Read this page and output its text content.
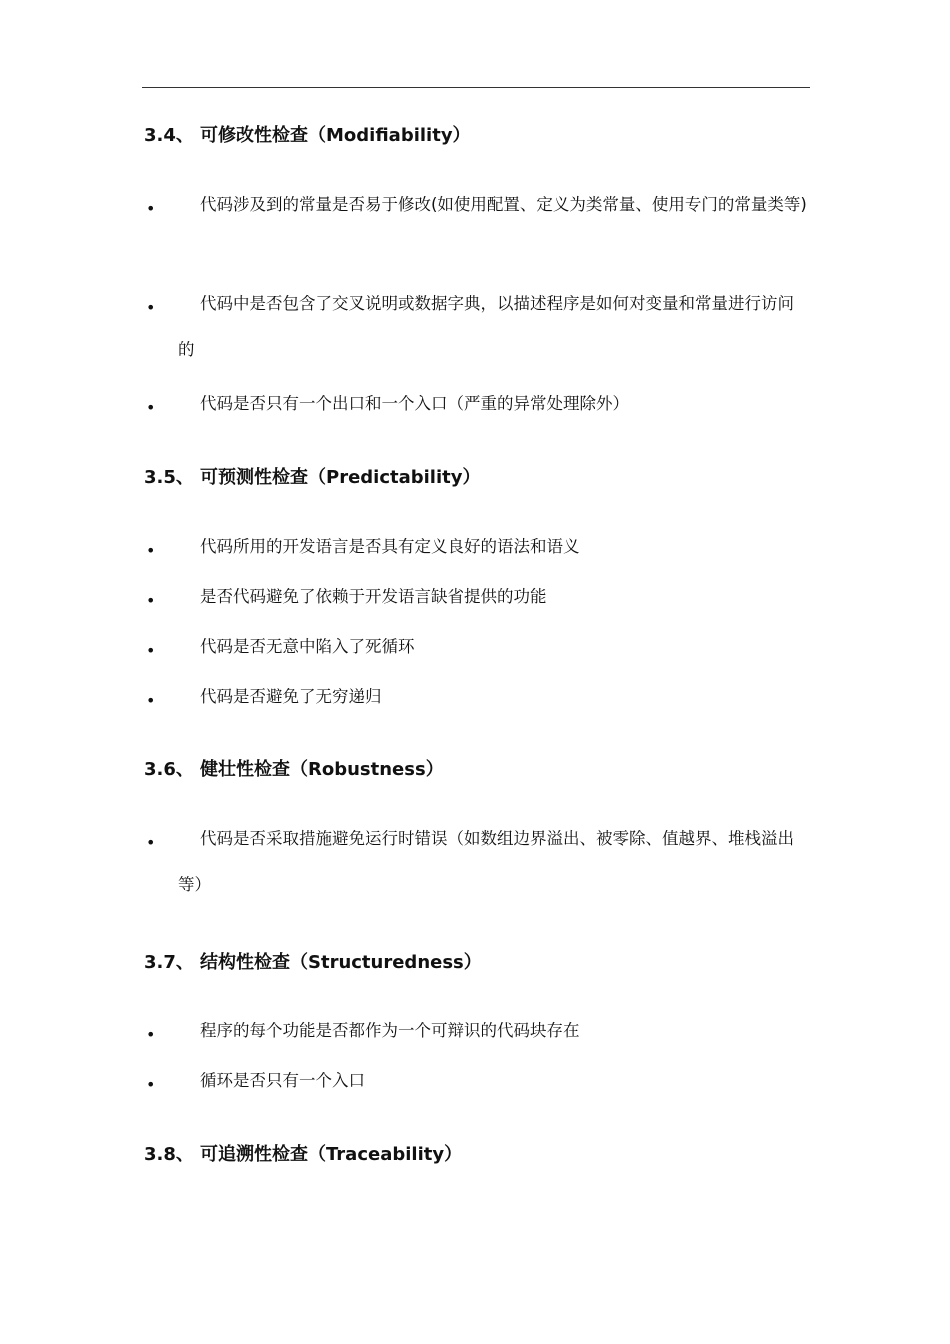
3.4、 可修改性检查（Modifiability）
•	代码涉及到的常量是否易于修改(如使用配置、定义为类常量、使用专门的常量类等)
•	代码中是否包含了交叉说明或数据字典，以描述程序是如何对变量和常量进行访问的
•	代码是否只有一个出口和一个入口（严重的异常处理除外）
3.5、 可预测性检查（Predictability）
•	代码所用的开发语言是否具有定义良好的语法和语义
•	是否代码避免了依赖于开发语言缺省提供的功能
•	代码是否无意中陷入了死循环
•	代码是否避免了无穷递归
3.6、 健壮性检查（Robustness）
•	代码是否采取措施避免运行时错误（如数组边界溢出、被零除、值越界、堆栈溢出等）
3.7、 结构性检查（Structuredness）
•	程序的每个功能是否都作为一个可辩识的代码块存在
•	循环是否只有一个入口
3.8、 可追溯性检查（Traceability）
